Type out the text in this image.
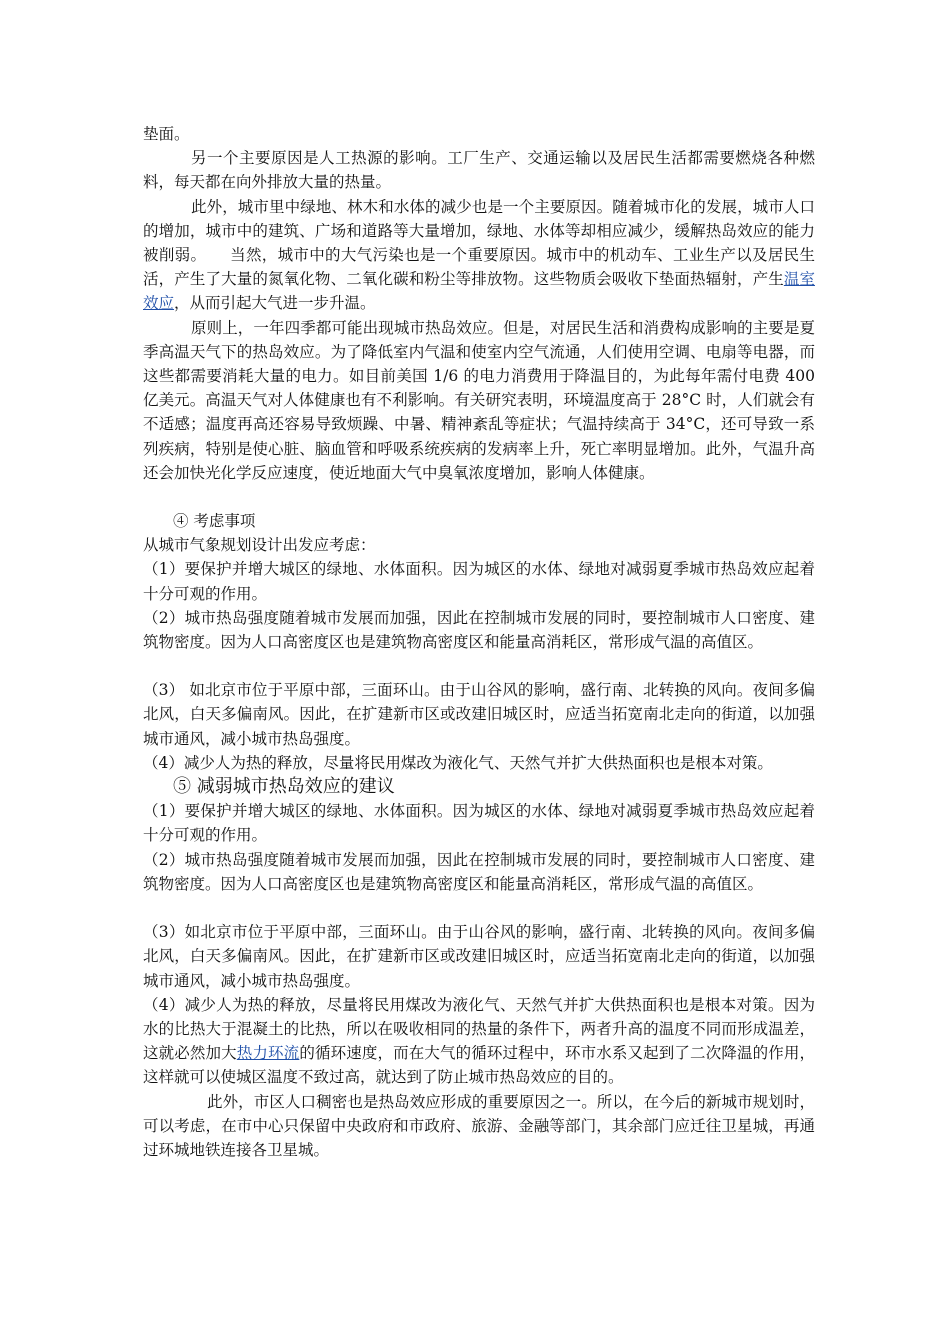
垫面。

另一个主要原因是人工热源的影响。工厂生产、交通运输以及居民生活都需要燃烧各种燃料，每天都在向外排放大量的热量。

此外，城市里中绿地、林木和水体的减少也是一个主要原因。随着城市化的发展，城市人口的增加，城市中的建筑、广场和道路等大量增加，绿地、水体等却相应减少，缓解热岛效应的能力被削弱。　　当然，城市中的大气污染也是一个重要原因。城市中的机动车、工业生产以及居民生活，产生了大量的氮氧化物、二氧化碳和粉尘等排放物。这些物质会吸收下垫面热辐射，产生温室效应，从而引起大气进一步升温。

原则上，一年四季都可能出现城市热岛效应。但是，对居民生活和消费构成影响的主要是夏季高温天气下的热岛效应。为了降低室内气温和使室内空气流通，人们使用空调、电扇等电器，而这些都需要消耗大量的电力。如目前美国 1/6 的电力消费用于降温目的，为此每年需付电费 400 亿美元。高温天气对人体健康也有不利影响。有关研究表明，环境温度高于 28°C 时，人们就会有不适感；温度再高还容易导致烦躁、中暑、精神紊乱等症状；气温持续高于 34°C，还可导致一系列疾病，特别是使心脏、脑血管和呼吸系统疾病的发病率上升，死亡率明显增加。此外，气温升高还会加快光化学反应速度，使近地面大气中臭氧浓度增加，影响人体健康。

④ 考虑事项

从城市气象规划设计出发应考虑：

（1）要保护并增大城区的绿地、水体面积。因为城区的水体、绿地对减弱夏季城市热岛效应起着十分可观的作用。

（2）城市热岛强度随着城市发展而加强，因此在控制城市发展的同时，要控制城市人口密度、建筑物密度。因为人口高密度区也是建筑物高密度区和能量高消耗区，常形成气温的高值区。

（3） 如北京市位于平原中部，三面环山。由于山谷风的影响，盛行南、北转换的风向。夜间多偏北风，白天多偏南风。因此，在扩建新市区或改建旧城区时，应适当拓宽南北走向的街道，以加强城市通风，减小城市热岛强度。

（4）减少人为热的释放，尽量将民用煤改为液化气、天然气并扩大供热面积也是根本对策。

⑤ 减弱城市热岛效应的建议

（1）要保护并增大城区的绿地、水体面积。因为城区的水体、绿地对减弱夏季城市热岛效应起着十分可观的作用。

（2）城市热岛强度随着城市发展而加强，因此在控制城市发展的同时，要控制城市人口密度、建筑物密度。因为人口高密度区也是建筑物高密度区和能量高消耗区，常形成气温的高值区。

（3）如北京市位于平原中部，三面环山。由于山谷风的影响，盛行南、北转换的风向。夜间多偏北风，白天多偏南风。因此，在扩建新市区或改建旧城区时，应适当拓宽南北走向的街道，以加强城市通风，减小城市热岛强度。

（4）减少人为热的释放，尽量将民用煤改为液化气、天然气并扩大供热面积也是根本对策。因为水的比热大于混凝土的比热，所以在吸收相同的热量的条件下，两者升高的温度不同而形成温差，这就必然加大热力环流的循环速度，而在大气的循环过程中，环市水系又起到了二次降温的作用，这样就可以使城区温度不致过高，就达到了防止城市热岛效应的目的。

此外，市区人口稠密也是热岛效应形成的重要原因之一。所以，在今后的新城市规划时，可以考虑，在市中心只保留中央政府和市政府、旅游、金融等部门，其余部门应迁往卫星城，再通过环城地铁连接各卫星城。
